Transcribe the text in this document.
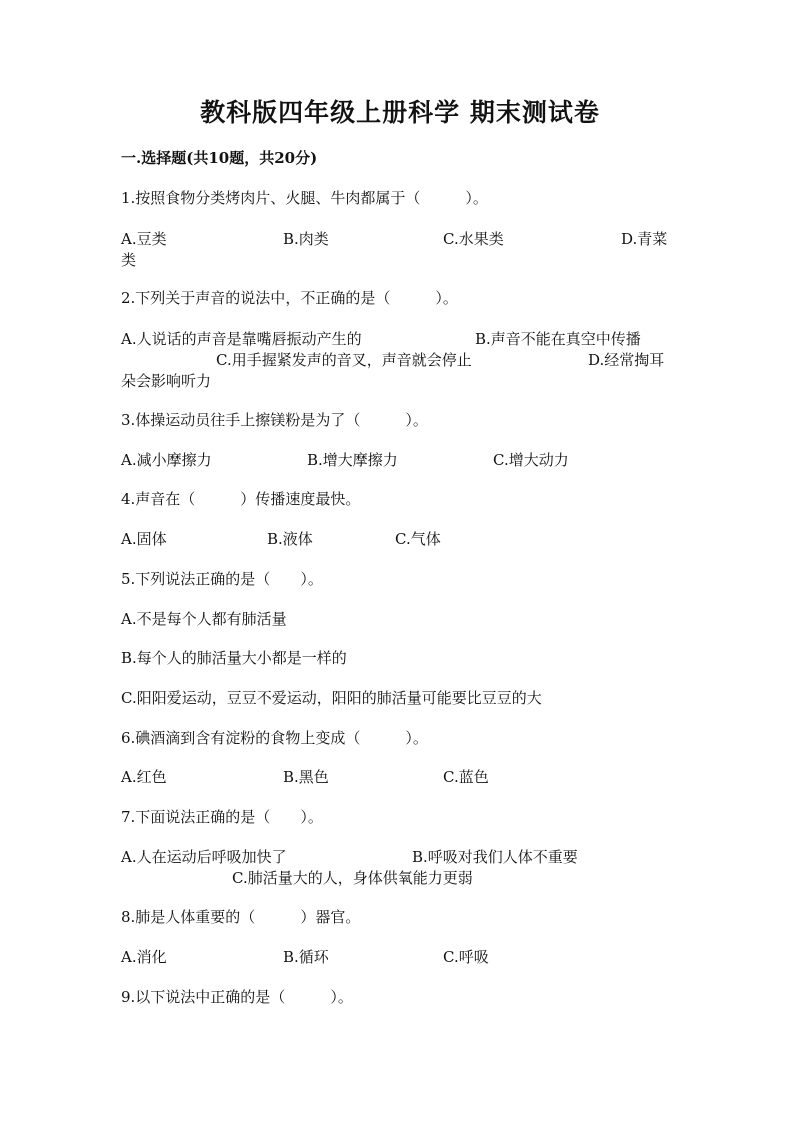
教科版四年级上册科学 期末测试卷
一.选择题(共10题，共20分)
1.按照食物分类烤肉片、火腿、牛肉都属于（　　　）。
A.豆类	B.肉类	C.水果类	D.青菜
类
2.下列关于声音的说法中，不正确的是（　　　）。
A.人说话的声音是靠嘴唇振动产生的	B.声音不能在真空中传播
C.用手握紧发声的音叉，声音就会停止	D.经常掏耳
朵会影响听力
3.体操运动员往手上擦镁粉是为了（　　　）。
A.减小摩擦力	B.增大摩擦力	C.增大动力
4.声音在（　　　）传播速度最快。
A.固体	B.液体	C.气体
5.下列说法正确的是（　　）。
A.不是每个人都有肺活量
B.每个人的肺活量大小都是一样的
C.阳阳爱运动，豆豆不爱运动，阳阳的肺活量可能要比豆豆的大
6.碘酒滴到含有淀粉的食物上变成（　　　）。
A.红色	B.黑色	C.蓝色
7.下面说法正确的是（　　）。
A.人在运动后呼吸加快了	B.呼吸对我们人体不重要
C.肺活量大的人，身体供氧能力更弱
8.肺是人体重要的（　　　）器官。
A.消化	B.循环	C.呼吸
9.以下说法中正确的是（　　　）。
